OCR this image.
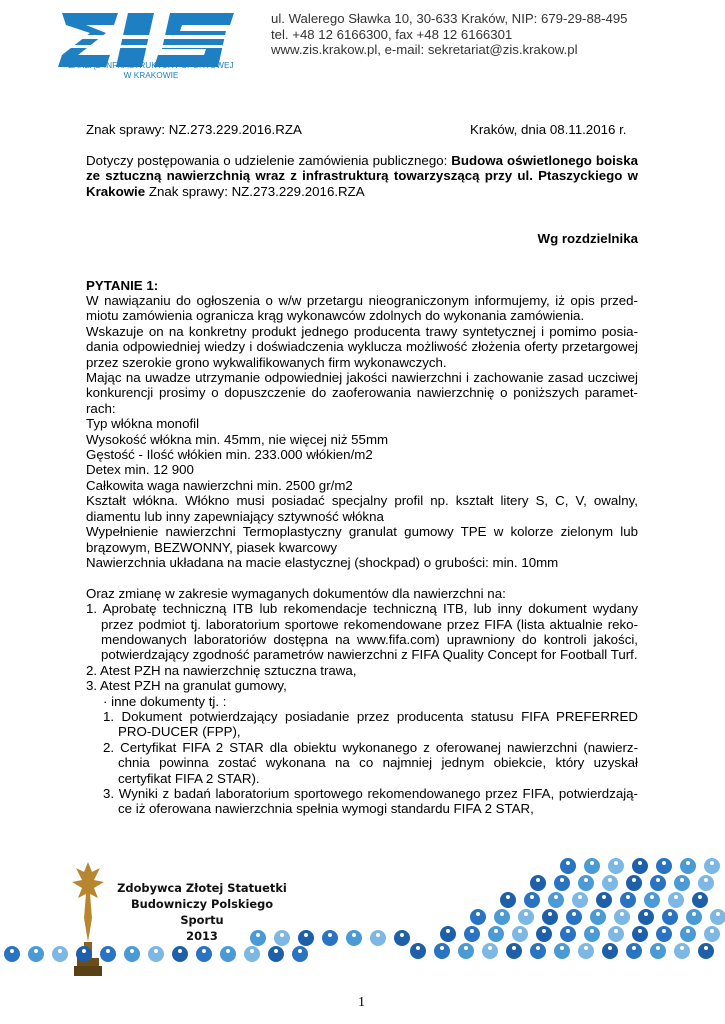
ZARZĄD INFRASTRUKTURY SPORTOWEJ
W KRAKOWIE
ul. Walerego Sławka 10, 30-633 Kraków, NIP: 679-29-88-495
tel. +48 12 6166300, fax +48 12 6166301
www.zis.krakow.pl, e-mail: sekretariat@zis.krakow.pl
Znak sprawy: NZ.273.229.2016.RZA	Kraków, dnia 08.11.2016 r.
Dotyczy postępowania o udzielenie zamówienia publicznego: Budowa oświetlonego boiska ze sztuczną nawierzchnią wraz z infrastrukturą towarzyszącą przy ul. Ptaszyckiego w Krakowie Znak sprawy: NZ.273.229.2016.RZA
Wg rozdzielnika
PYTANIE 1:
W nawiązaniu do ogłoszenia o w/w przetargu nieograniczonym informujemy, iż opis przed-miotu zamówienia ogranicza krąg wykonawców zdolnych do wykonania zamówienia.
Wskazuje on na konkretny produkt jednego producenta trawy syntetycznej i pomimo posia-dania odpowiedniej wiedzy i doświadczenia wyklucza możliwość złożenia oferty przetargowej przez szerokie grono wykwalifikowanych firm wykonawczych.
Mając na uwadze utrzymanie odpowiedniej jakości nawierzchni i zachowanie zasad uczciwej konkurencji prosimy o dopuszczenie do zaoferowania nawierzchnię o poniższych paramet-rach:
Typ włókna monofil
Wysokość włókna min. 45mm, nie więcej niż 55mm
Gęstość - Ilość włókien min. 233.000 włókien/m2
Detex min. 12 900
Całkowita waga nawierzchni min. 2500 gr/m2
Kształt włókna. Włókno musi posiadać specjalny profil np. kształt litery S, C, V, owalny, diamentu lub inny zapewniający sztywność włókna
Wypełnienie nawierzchni Termoplastyczny granulat gumowy TPE w kolorze zielonym lub brązowym, BEZWONNY, piasek kwarcowy
Nawierzchnia układana na macie elastycznej (shockpad) o grubości: min. 10mm
Oraz zmianę w zakresie wymaganych dokumentów dla nawierzchni na:
1. Aprobatę techniczną ITB lub rekomendacje techniczną ITB, lub inny dokument wydany przez podmiot tj. laboratorium sportowe rekomendowane przez FIFA (lista aktualnie reko-mendowanych laboratoriów dostępna na www.fifa.com) uprawniony do kontroli jakości, potwierdzający zgodność parametrów nawierzchni z FIFA Quality Concept for Football Turf.
2. Atest PZH na nawierzchnię sztuczna trawa,
3. Atest PZH na granulat gumowy,
· inne dokumenty tj. :
1. Dokument potwierdzający posiadanie przez producenta statusu FIFA PREFERRED PRO-DUCER (FPP),
2. Certyfikat FIFA 2 STAR dla obiektu wykonanego z oferowanej nawierzchni (nawierz-chnia powinna zostać wykonana na co najmniej jednym obiekcie, który uzyskał certyfikat FIFA 2 STAR).
3. Wyniki z badań laboratorium sportowego rekomendowanego przez FIFA, potwierdzają-ce iż oferowana nawierzchnia spełnia wymogi standardu FIFA 2 STAR,
Zdobywca Złotej Statuetki
Budowniczy Polskiego Sportu
2013
1
